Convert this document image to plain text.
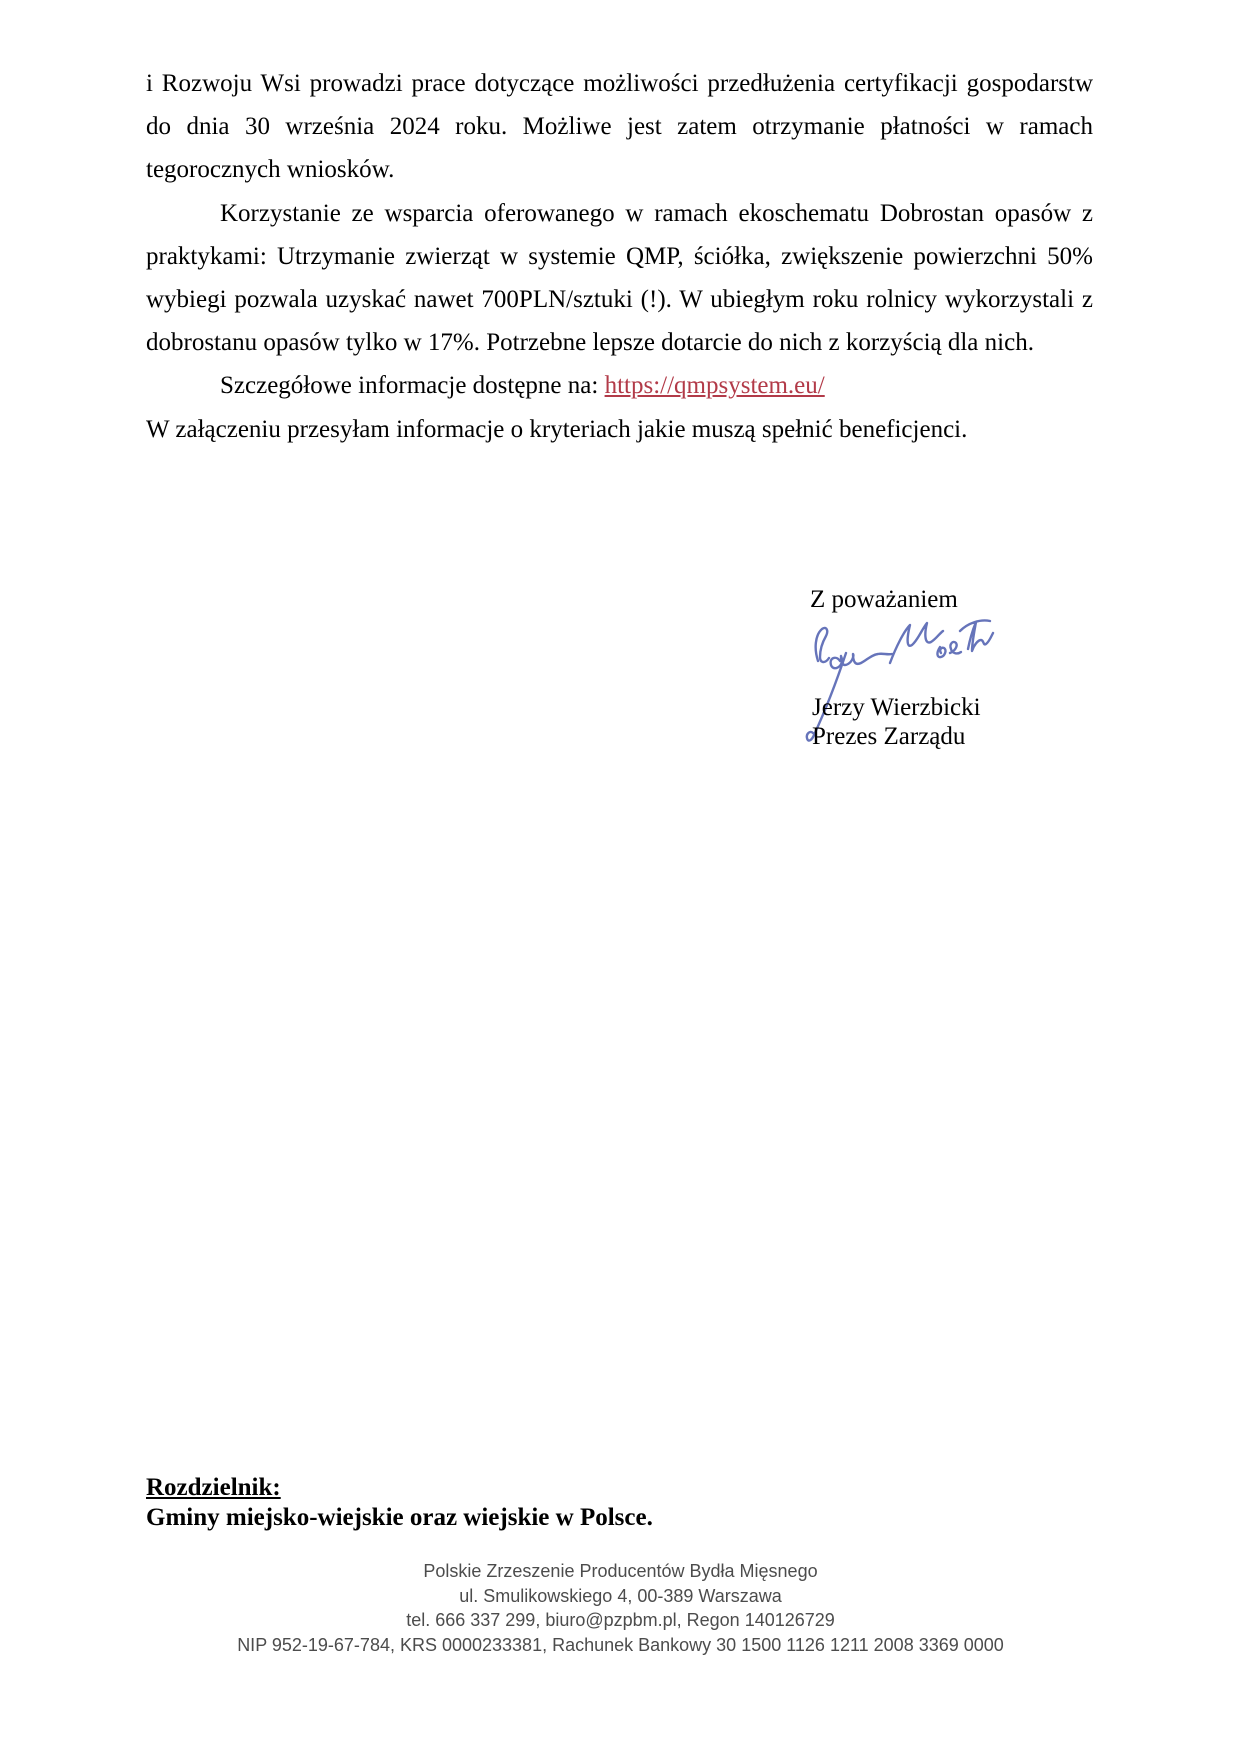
i Rozwoju Wsi prowadzi prace dotyczące możliwości przedłużenia certyfikacji gospodarstw do dnia 30 września 2024 roku. Możliwe jest zatem otrzymanie płatności w ramach tegorocznych wniosków.

Korzystanie ze wsparcia oferowanego w ramach ekoschematu Dobrostan opasów z praktykami: Utrzymanie zwierząt w systemie QMP, ściółka, zwiększenie powierzchni 50% wybiegi pozwala uzyskać nawet 700PLN/sztuki (!). W ubiegłym roku rolnicy wykorzystali z dobrostanu opasów tylko w 17%. Potrzebne lepsze dotarcie do nich z korzyścią dla nich.

Szczegółowe informacje dostępne na: https://qmpsystem.eu/

W załączeniu przesyłam informacje o kryteriach jakie muszą spełnić beneficjenci.

Z poważaniem
Jerzy Wierzbicki
Prezes Zarządu
Rozdzielnik:
Gminy miejsko-wiejskie oraz wiejskie w Polsce.
Polskie Zrzeszenie Producentów Bydła Mięsnego
ul. Smulikowskiego 4, 00-389 Warszawa
tel. 666 337 299, biuro@pzpbm.pl, Regon 140126729
NIP 952-19-67-784, KRS 0000233381, Rachunek Bankowy 30 1500 1126 1211 2008 3369 0000
